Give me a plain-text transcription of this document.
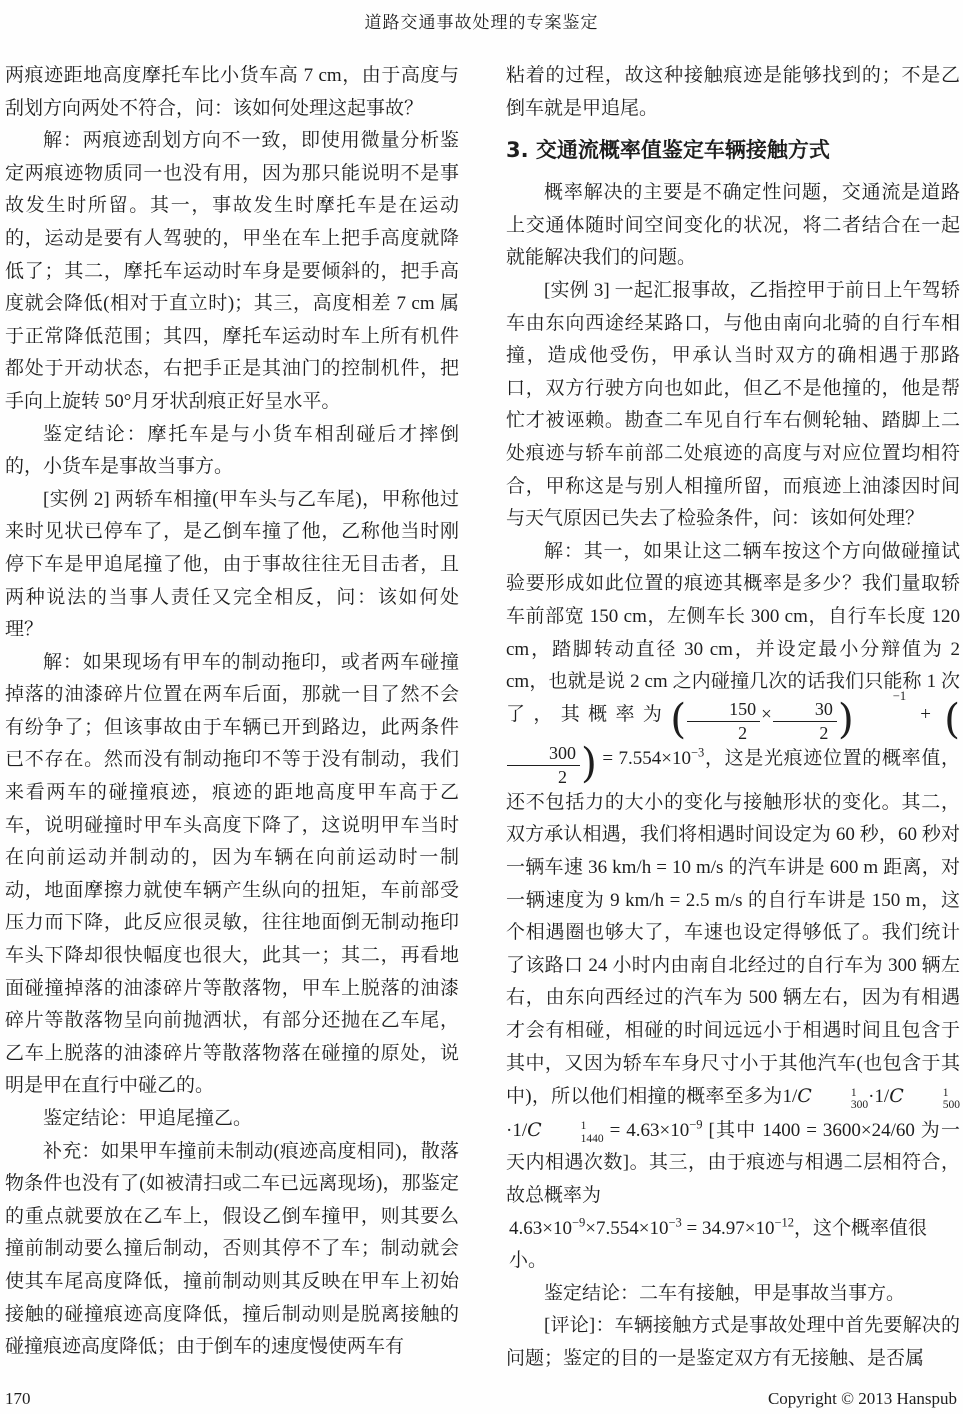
道路交通事故处理的专案鉴定
两痕迹距地高度摩托车比小货车高 7 cm，由于高度与刮划方向两处不符合，问：该如何处理这起事故？
解：两痕迹刮划方向不一致，即使用微量分析鉴定两痕迹物质同一也没有用，因为那只能说明不是事故发生时所留。其一，事故发生时摩托车是在运动的，运动是要有人驾驶的，甲坐在车上把手高度就降低了；其二，摩托车运动时车身是要倾斜的，把手高度就会降低(相对于直立时)；其三，高度相差 7 cm 属于正常降低范围；其四，摩托车运动时车上所有机件都处于开动状态，右把手正是其油门的控制机件，把手向上旋转 50°月牙状刮痕正好呈水平。
鉴定结论：摩托车是与小货车相刮碰后才摔倒的，小货车是事故当事方。
[实例 2] 两轿车相撞(甲车头与乙车尾)，甲称他过来时见状已停车了，是乙倒车撞了他，乙称他当时刚停下车是甲追尾撞了他，由于事故往往无目击者，且两种说法的当事人责任又完全相反，问：该如何处理？
解：如果现场有甲车的制动拖印，或者两车碰撞掉落的油漆碎片位置在两车后面，那就一目了然不会有纷争了；但该事故由于车辆已开到路边，此两条件已不存在。然而没有制动拖印不等于没有制动，我们来看两车的碰撞痕迹，痕迹的距地高度甲车高于乙车，说明碰撞时甲车头高度下降了，这说明甲车当时在向前运动并制动的，因为车辆在向前运动时一制动，地面摩擦力就使车辆产生纵向的扭矩，车前部受压力而下降，此反应很灵敏，往往地面倒无制动拖印车头下降却很快幅度也很大，此其一；其二，再看地面碰撞掉落的油漆碎片等散落物，甲车上脱落的油漆碎片等散落物呈向前抛洒状，有部分还抛在乙车尾，乙车上脱落的油漆碎片等散落物落在碰撞的原处，说明是甲在直行中碰乙的。
鉴定结论：甲追尾撞乙。
补充：如果甲车撞前未制动(痕迹高度相同)，散落物条件也没有了(如被清扫或二车已远离现场)，那鉴定的重点就要放在乙车上，假设乙倒车撞甲，则其要么撞前制动要么撞后制动，否则其停不了车；制动就会使其车尾高度降低，撞前制动则其反映在甲车上初始接触的碰撞痕迹高度降低，撞后制动则是脱离接触的碰撞痕迹高度降低；由于倒车的速度慢使两车有
粘着的过程，故这种接触痕迹是能够找到的；不是乙倒车就是甲追尾。
3. 交通流概率值鉴定车辆接触方式
概率解决的主要是不确定性问题，交通流是道路上交通体随时间空间变化的状况，将二者结合在一起就能解决我们的问题。
[实例 3] 一起汇报事故，乙指控甲于前日上午驾轿车由东向西途经某路口，与他由南向北骑的自行车相撞，造成他受伤，甲承认当时双方的确相遇于那路口，双方行驶方向也如此，但乙不是他撞的，他是帮忙才被诬赖。勘查二车见自行车右侧轮轴、踏脚上二处痕迹与轿车前部二处痕迹的高度与对应位置均相符合，甲称这是与别人相撞所留，而痕迹上油漆因时间与天气原因已失去了检验条件，问：该如何处理？
解：其一，如果让这二辆车按这个方向做碰撞试验要形成如此位置的痕迹其概率是多少？我们量取轿车前部宽 150 cm，左侧车长 300 cm，自行车长度 120 cm，踏脚转动直径 30 cm，并设定最小分辩值为 2 cm，也就是说 2 cm 之内碰撞几次的话我们只能称 1 次了，其概率为( $\frac{150}{2} \times \frac{30}{2}$ )	−1 + (
$\frac{300}{2}$ ) = $7.554\times 10^{-3}$，这是光痕迹位置的概率值，还不包括力的大小的变化与接触形状的变化。其二，双方承认相遇，我们将相遇时间设定为 60 秒，60 秒对一辆车速 36 km/h = 10 m/s 的汽车讲是 600 m 距离，对一辆速度为 9 km/h = 2.5 m/s 的自行车讲是 150 m，这个相遇圈也够大了，车速也设定得够低了。我们统计了该路口 24 小时内由南自北经过的自行车为 300 辆左右，由东向西经过的汽车为 500 辆左右，因为有相遇才会有相碰，相碰的时间远远小于相遇时间且包含于其中，又因为轿车车身尺寸小于其他汽车(也包含于其中)，所以他们相撞的概率至多为1/C	1
300 ·1/C	1
500
·1/C	1
$1440 = 4.63\times 10^{-9}$ [其中 1400 = 3600×24/60 为一天内相遇次数]。其三，由于痕迹与相遇二层相符合，故总概率为
$4.63\times 10^{-9}\times 7.554\times 10^{-3} = 34.97\times 10^{-12}$，这个概率值很小。
鉴定结论：二车有接触，甲是事故当事方。
[评论]：车辆接触方式是事故处理中首先要解决的问题；鉴定的目的一是鉴定双方有无接触、是否属
170	Copyright © 2013 Hanspub
